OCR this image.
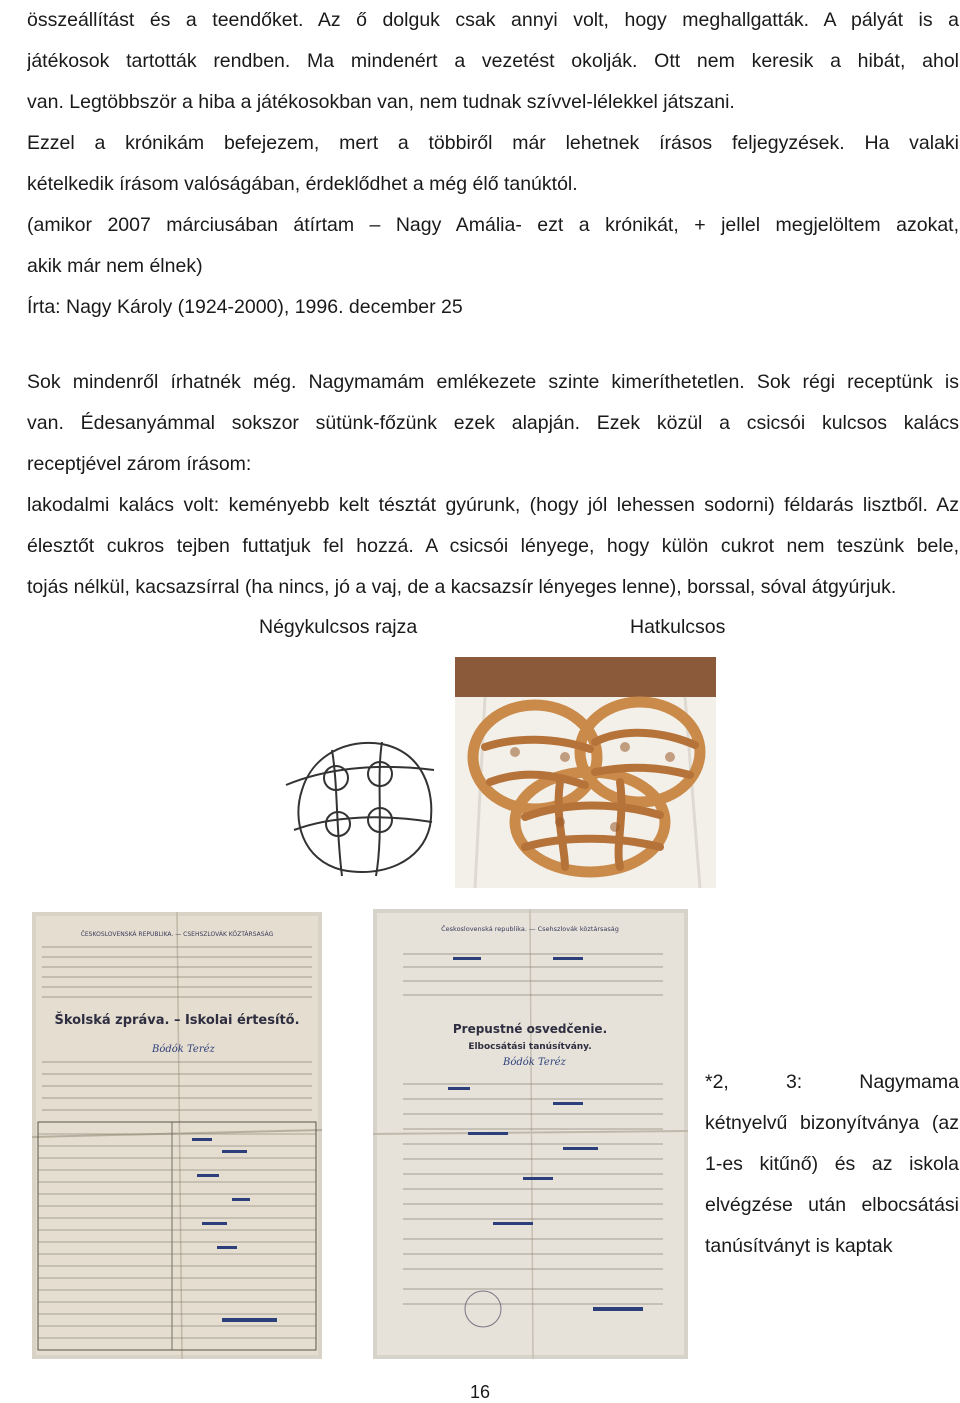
összeállítást és a teendőket. Az ő dolguk csak annyi volt, hogy meghallgatták. A pályát is a
játékosok tartották rendben. Ma mindenért a vezetést okolják. Ott nem keresik a hibát, ahol
van. Legtöbbször a hiba a játékosokban van, nem tudnak szívvel-lélekkel játszani.
Ezzel a krónikám befejezem, mert a többiről már lehetnek írásos feljegyzések. Ha valaki
kételkedik írásom valóságában, érdeklődhet a még élő tanúktól.
(amikor 2007 márciusában átírtam – Nagy Amália- ezt a krónikát, + jellel megjelöltem azokat,
akik már nem élnek)
Írta: Nagy Károly (1924-2000), 1996. december 25
Sok mindenről írhatnék még. Nagymamám emlékezete szinte kimeríthetetlen. Sok régi receptünk is
van. Édesanyámmal sokszor sütünk-főzünk ezek alapján. Ezek közül a csicsói kulcsos kalács
receptjével zárom írásom:
lakodalmi kalács volt: keményebb kelt tésztát gyúrunk, (hogy jól lehessen sodorni) féldarás lisztből. Az
élesztőt cukros tejben futtatjuk fel hozzá. A csicsói lényege, hogy külön cukrot nem teszünk bele,
tojás nélkül, kacsazsírral (ha nincs, jó a vaj, de a kacsazsír lényeges lenne), borssal, sóval átgyúrjuk.
Négykulcsos rajza	Hatkulcsos
ČESKOSLOVENSKÁ REPUBLIKA. — CSEHSZLOVÁK KÖZTÁRSASÁG
Školská zpráva. – Iskolai értesítő.
Bódók Teréz
Československá republika. — Csehszlovák köztársaság
Prepustné osvedčenie.
Elbocsátási tanúsítvány.
Bódók Teréz
*2,     3:     Nagymama
kétnyelvű bizonyítványa (az
1-es kitűnő) és az iskola
elvégzése után elbocsátási
tanúsítványt is kaptak
16
